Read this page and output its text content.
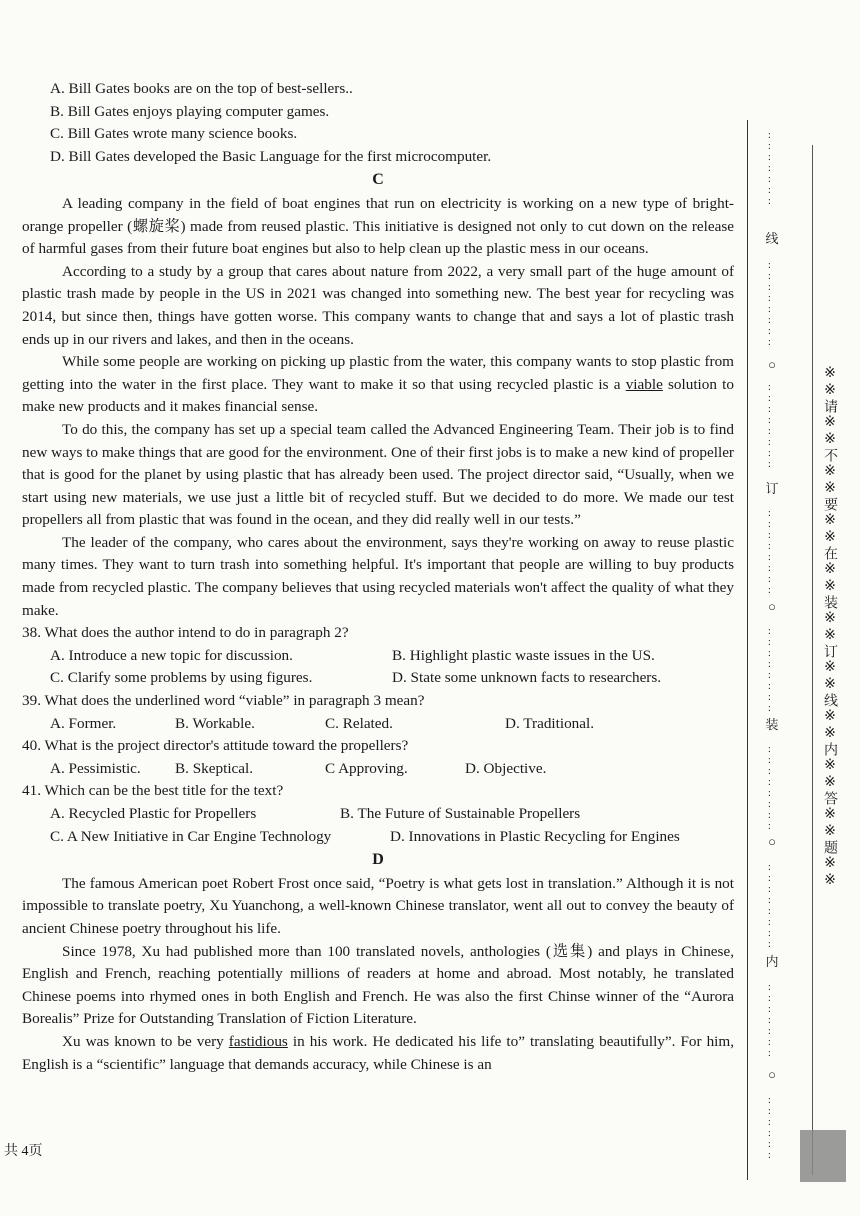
A. Bill Gates books are on the top of best-sellers..
B. Bill Gates enjoys playing computer games.
C. Bill Gates wrote many science books.
D. Bill Gates developed the Basic Language for the first microcomputer.
C

A leading company in the field of boat engines that run on electricity is working on a new type of bright-orange propeller (螺旋桨) made from reused plastic. This initiative is designed not only to cut down on the release of harmful gases from their future boat engines but also to help clean up the plastic mess in our oceans.

According to a study by a group that cares about nature from 2022, a very small part of the huge amount of plastic trash made by people in the US in 2021 was changed into something new. The best year for recycling was 2014, but since then, things have gotten worse. This company wants to change that and says a lot of plastic trash ends up in our rivers and lakes, and then in the oceans.

While some people are working on picking up plastic from the water, this company wants to stop plastic from getting into the water in the first place. They want to make it so that using recycled plastic is a viable solution to make new products and it makes financial sense.

To do this, the company has set up a special team called the Advanced Engineering Team. Their job is to find new ways to make things that are good for the environment. One of their first jobs is to make a new kind of propeller that is good for the planet by using plastic that has already been used. The project director said, “Usually, when we start using new materials, we use just a little bit of recycled stuff. But we decided to do more. We made our test propellers all from plastic that was found in the ocean, and they did really well in our tests.”

The leader of the company, who cares about the environment, says they're working on away to reuse plastic many times. They want to turn trash into something helpful. It's important that people are willing to buy products made from recycled plastic. The company believes that using recycled materials won't affect the quality of what they make.

38. What does the author intend to do in paragraph 2?
A. Introduce a new topic for discussion.	B. Highlight plastic waste issues in the US.
C. Clarify some problems by using figures.	D. State some unknown facts to researchers.
39. What does the underlined word “viable” in paragraph 3 mean?
A. Former.	B. Workable.	C. Related.	D. Traditional.
40. What is the project director's attitude toward the propellers?
A. Pessimistic.	B. Skeptical.	C Approving.	D. Objective.
41. Which can be the best title for the text?
A. Recycled Plastic for Propellers	B. The Future of Sustainable Propellers
C. A New Initiative in Car Engine Technology	D. Innovations in Plastic Recycling for Engines
D

The famous American poet Robert Frost once said, “Poetry is what gets lost in translation.” Although it is not impossible to translate poetry, Xu Yuanchong, a well-known Chinese translator, went all out to convey the beauty of ancient Chinese poetry throughout his life.

Since 1978, Xu had published more than 100 translated novels, anthologies (选集) and plays in Chinese, English and French, reaching potentially millions of readers at home and abroad. Most notably, he translated Chinese poems into rhymed ones in both English and French. He was also the first Chinse winner of the “Aurora Borealis” Prize for Outstanding Translation of Fiction Literature.

Xu was known to be very fastidious in his work. He dedicated his life to” translating beautifully”. For him, English is a “scientific” language that demands accuracy, while Chinese is an

共 4页
:
:
:
:
:
:
:
线
:
:
:
:
:
:
:
:
○
:
:
:
:
:
:
:
:
订
:
:
:
:
:
:
:
:
○
:
:
:
:
:
:
:
:
装
:
:
:
:
:
:
:
:
○
:
:
:
:
:
:
:
:
内
:
:
:
:
:
:
:
○
:
:
:
:
:
:
※※请※※不※※要※※在※※装※※订※※线※※内※※答※※题※※
